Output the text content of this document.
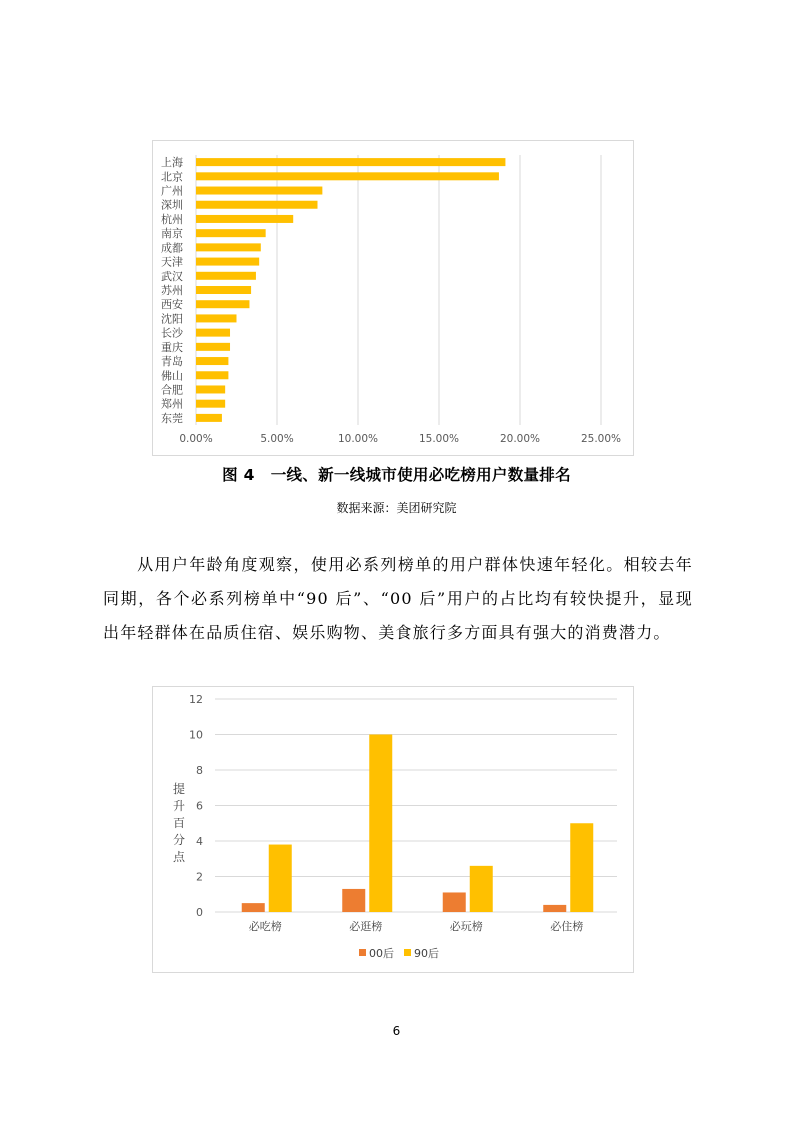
0.00%	5.00%	10.00%	15.00%	20.00%	25.00%
上海
北京
广州
深圳
杭州
南京
成都
天津
武汉
苏州
西安
沈阳
长沙
重庆
青岛
佛山
合肥
郑州
东莞
图 4 一线、新一线城市使用必吃榜用户数量排名
数据来源：美团研究院
从用户年龄角度观察，使用必系列榜单的用户群体快速年轻化。相较去年同期，各个必系列榜单中“90 后”、“00 后”用户的占比均有较快提升，显现出年轻群体在品质住宿、娱乐购物、美食旅行多方面具有强大的消费潜力。
0
2
4
6
8
10
12
提
升
百
分
点
必吃榜	必逛榜	必玩榜	必住榜
00后 90后
6
